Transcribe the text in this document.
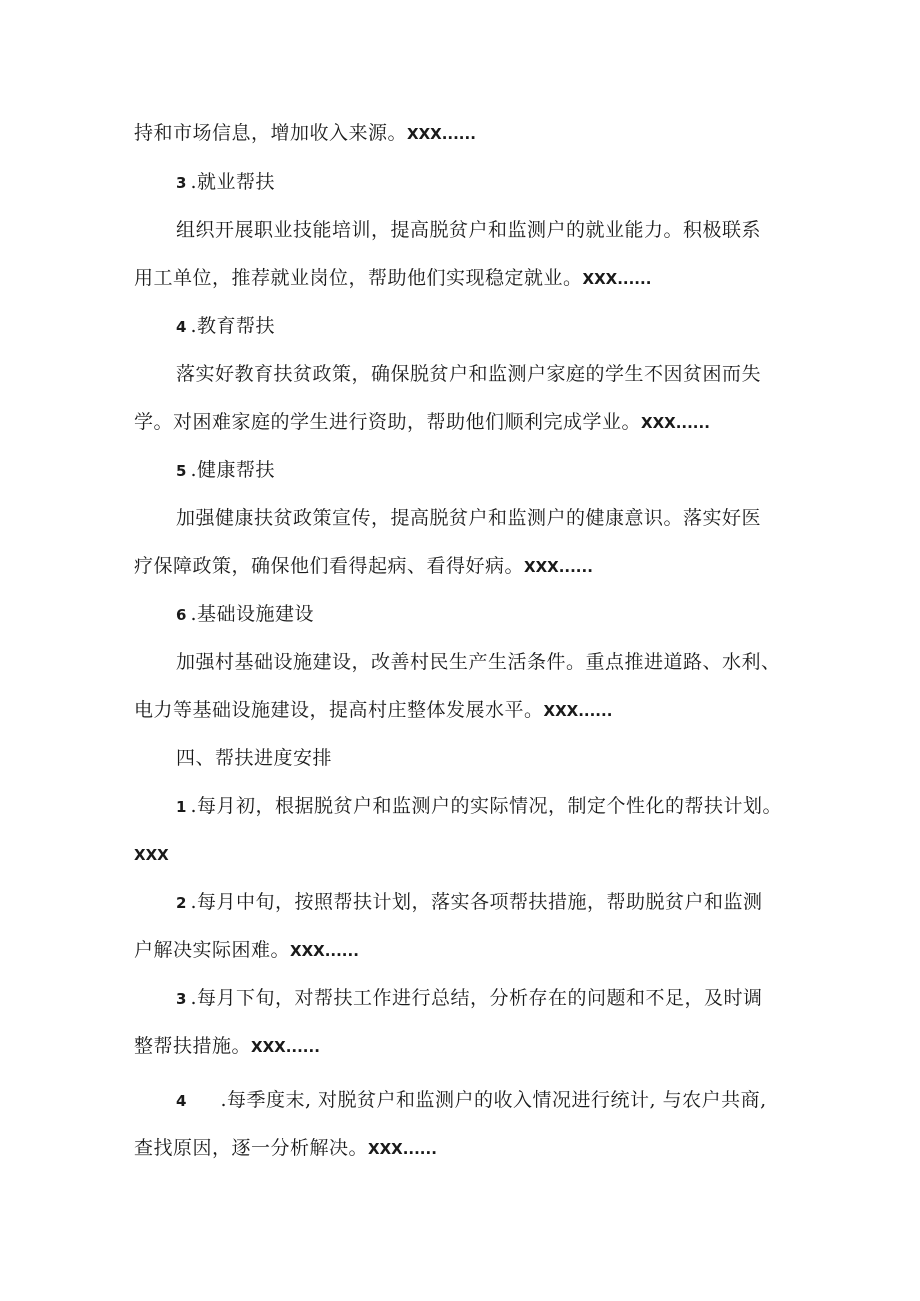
持和市场信息，增加收入来源。XXX......
3 .就业帮扶
组织开展职业技能培训，提高脱贫户和监测户的就业能力。积极联系
用工单位，推荐就业岗位，帮助他们实现稳定就业。XXX......
4 .教育帮扶
落实好教育扶贫政策，确保脱贫户和监测户家庭的学生不因贫困而失
学。对困难家庭的学生进行资助，帮助他们顺利完成学业。XXX......
5 .健康帮扶
加强健康扶贫政策宣传，提高脱贫户和监测户的健康意识。落实好医
疗保障政策，确保他们看得起病、看得好病。XXX......
6 .基础设施建设
加强村基础设施建设，改善村民生产生活条件。重点推进道路、水利、
电力等基础设施建设，提高村庄整体发展水平。XXX......
四、帮扶进度安排
1 .每月初，根据脱贫户和监测户的实际情况，制定个性化的帮扶计划。
XXX
2 .每月中旬，按照帮扶计划，落实各项帮扶措施，帮助脱贫户和监测
户解决实际困难。XXX......
3 .每月下旬，对帮扶工作进行总结，分析存在的问题和不足，及时调
整帮扶措施。XXX......
4 .每季度末, 对脱贫户和监测户的收入情况进行统计, 与农户共商,
查找原因，逐一分析解决。XXX......
